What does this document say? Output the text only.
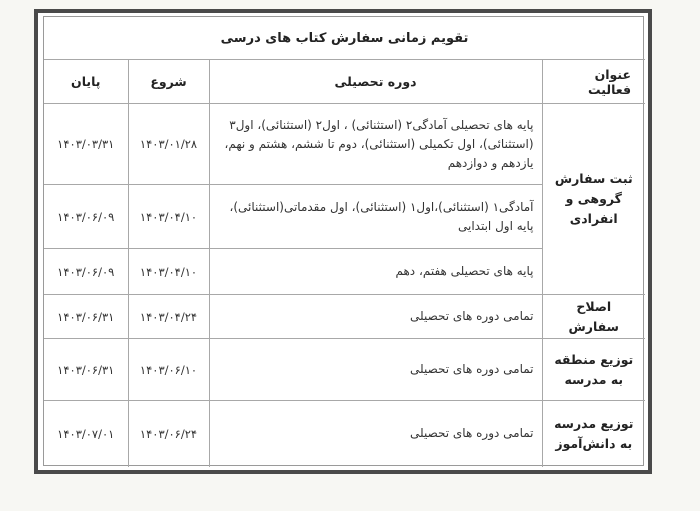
تقویم زمانی سفارش کتاب های درسی			
عنوان فعالیت	دوره تحصیلی	شروع	پایان
ثبت سفارش گروهی و انفرادی	پایه های تحصیلی آمادگی۲ (استثنائی) ، اول۲ (استثنائی)، اول۳ (استثنائی)، اول تکمیلی (استثنائی)، دوم تا ششم، هشتم و نهم، یازدهم و دوازدهم	۱۴۰۳/۰۱/۲۸	۱۴۰۳/۰۳/۳۱
	آمادگی۱ (استثنائی)،اول۱ (استثنائی)، اول مقدماتی(استثنائی)، پایه اول ابتدایی	۱۴۰۳/۰۴/۱۰	۱۴۰۳/۰۶/۰۹
	پایه های تحصیلی هفتم، دهم	۱۴۰۳/۰۴/۱۰	۱۴۰۳/۰۶/۰۹
اصلاح سفارش	تمامی دوره های تحصیلی	۱۴۰۳/۰۴/۲۴	۱۴۰۳/۰۶/۳۱
توزیع منطقه به مدرسه	تمامی دوره های تحصیلی	۱۴۰۳/۰۶/۱۰	۱۴۰۳/۰۶/۳۱
توزیع مدرسه به دانش‌آموز	تمامی دوره های تحصیلی	۱۴۰۳/۰۶/۲۴	۱۴۰۳/۰۷/۰۱
